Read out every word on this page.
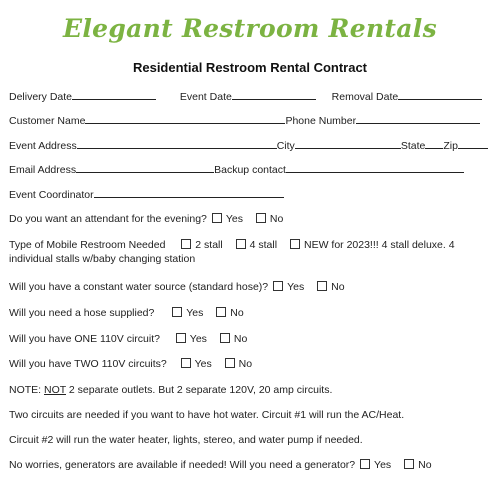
Elegant Restroom Rentals
Residential Restroom Rental Contract
Delivery Date	Event Date	Removal Date
Customer Name	Phone Number
Event Address	City	State Zip
Email Address	Backup contact
Event Coordinator
Do you want an attendant for the evening? Yes	No
Type of Mobile Restroom Needed	2 stall	4 stall	NEW for 2023!!! 4 stall deluxe. 4 individual stalls w/baby changing station
Will you have a constant water source (standard hose)? Yes	No
Will you need a hose supplied?	Yes	No
Will you have ONE 110V circuit?	Yes	No
Will you have TWO 110V circuits?	Yes	No
NOTE: NOT 2 separate outlets. But 2 separate 120V, 20 amp circuits.
Two circuits are needed if you want to have hot water. Circuit #1 will run the AC/Heat.
Circuit #2 will run the water heater, lights, stereo, and water pump if needed.
No worries, generators are available if needed! Will you need a generator? Yes	No
